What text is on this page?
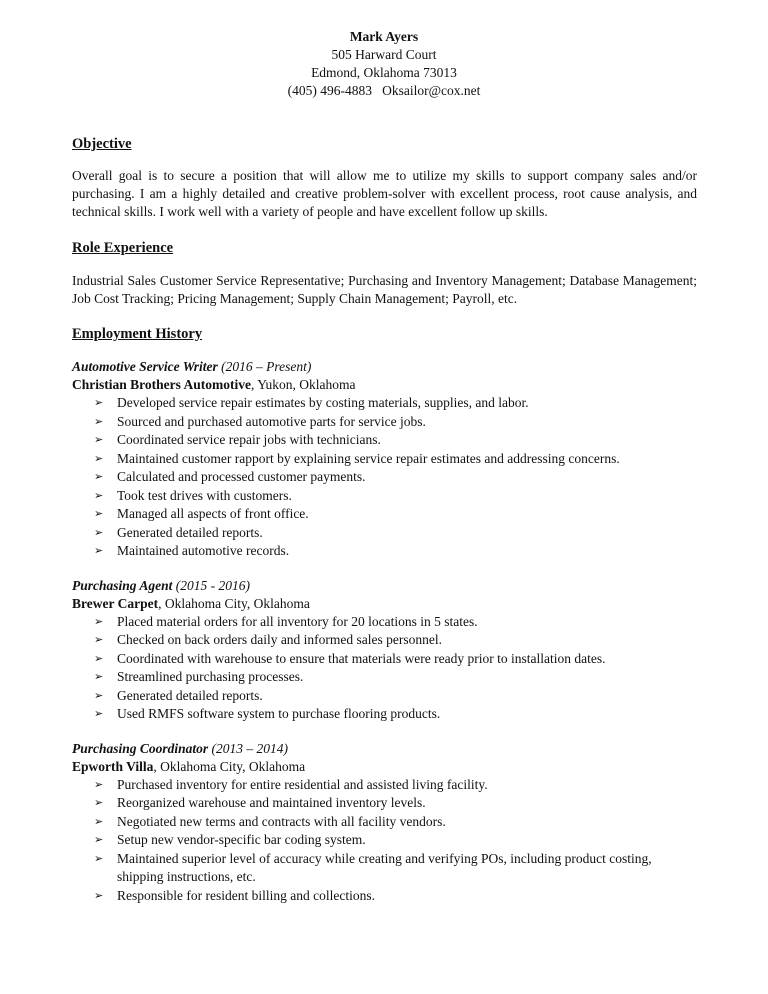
Mark Ayers
505 Harward Court
Edmond, Oklahoma 73013
(405) 496-4883   Oksailor@cox.net
Objective
Overall goal is to secure a position that will allow me to utilize my skills to support company sales and/or purchasing. I am a highly detailed and creative problem-solver with excellent process, root cause analysis, and technical skills. I work well with a variety of people and have excellent follow up skills.
Role Experience
Industrial Sales Customer Service Representative; Purchasing and Inventory Management; Database Management; Job Cost Tracking; Pricing Management; Supply Chain Management; Payroll, etc.
Employment History
Automotive Service Writer (2016 – Present)
Christian Brothers Automotive, Yukon, Oklahoma
➢	Developed service repair estimates by costing materials, supplies, and labor.
➢	Sourced and purchased automotive parts for service jobs.
➢	Coordinated service repair jobs with technicians.
➢	Maintained customer rapport by explaining service repair estimates and addressing concerns.
➢	Calculated and processed customer payments.
➢	Took test drives with customers.
➢	Managed all aspects of front office.
➢	Generated detailed reports.
➢	Maintained automotive records.
Purchasing Agent (2015 - 2016)
Brewer Carpet, Oklahoma City, Oklahoma
➢	Placed material orders for all inventory for 20 locations in 5 states.
➢	Checked on back orders daily and informed sales personnel.
➢	Coordinated with warehouse to ensure that materials were ready prior to installation dates.
➢	Streamlined purchasing processes.
➢	Generated detailed reports.
➢	Used RMFS software system to purchase flooring products.
Purchasing Coordinator (2013 – 2014)
Epworth Villa, Oklahoma City, Oklahoma
➢	Purchased inventory for entire residential and assisted living facility.
➢	Reorganized warehouse and maintained inventory levels.
➢	Negotiated new terms and contracts with all facility vendors.
➢	Setup new vendor-specific bar coding system.
➢	Maintained superior level of accuracy while creating and verifying POs, including product costing, shipping instructions, etc.
➢	Responsible for resident billing and collections.
